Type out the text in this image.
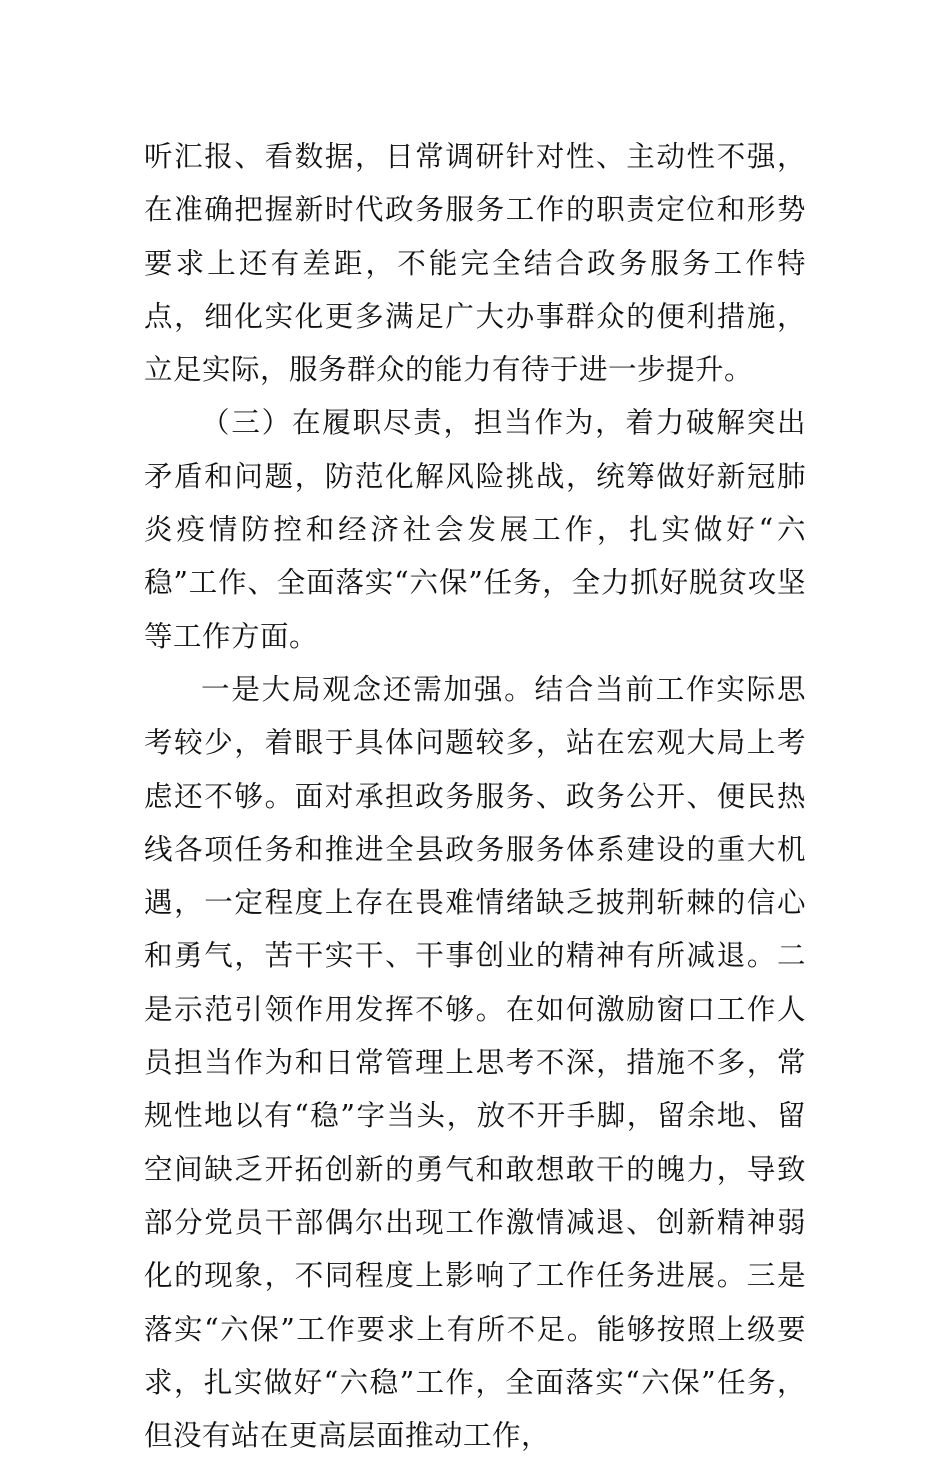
听汇报、看数据，日常调研针对性、主动性不强，在准确把握新时代政务服务工作的职责定位和形势要求上还有差距，不能完全结合政务服务工作特点，细化实化更多满足广大办事群众的便利措施，立足实际，服务群众的能力有待于进一步提升。

（三）在履职尽责，担当作为，着力破解突出矛盾和问题，防范化解风险挑战，统筹做好新冠肺炎疫情防控和经济社会发展工作，扎实做好“六稳”工作、全面落实“六保”任务，全力抓好脱贫攻坚等工作方面。

一是大局观念还需加强。结合当前工作实际思考较少，着眼于具体问题较多，站在宏观大局上考虑还不够。面对承担政务服务、政务公开、便民热线各项任务和推进全县政务服务体系建设的重大机遇，一定程度上存在畏难情绪缺乏披荆斩棘的信心和勇气，苦干实干、干事创业的精神有所减退。二是示范引领作用发挥不够。在如何激励窗口工作人员担当作为和日常管理上思考不深，措施不多，常规性地以有“稳”字当头，放不开手脚，留余地、留空间缺乏开拓创新的勇气和敢想敢干的魄力，导致部分党员干部偶尔出现工作激情减退、创新精神弱化的现象，不同程度上影响了工作任务进展。三是落实“六保”工作要求上有所不足。能够按照上级要求，扎实做好“六稳”工作，全面落实“六保”任务，但没有站在更高层面推动工作，
